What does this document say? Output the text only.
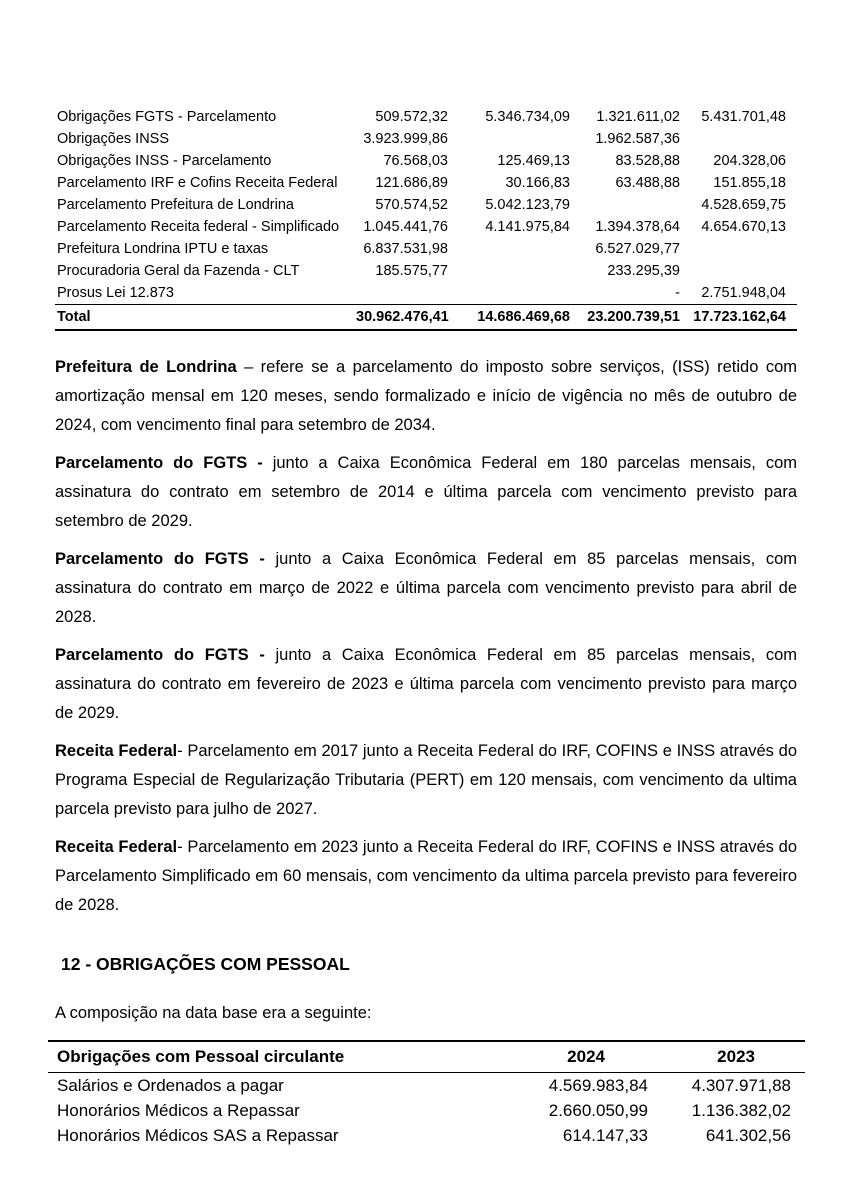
Obrigações FGTS - Parcelamento	509.572,32	5.346.734,09	1.321.611,02	5.431.701,48
Obrigações INSS	3.923.999,86		1.962.587,36	
Obrigações INSS - Parcelamento	76.568,03	125.469,13	83.528,88	204.328,06
Parcelamento IRF e Cofins Receita Federal	121.686,89	30.166,83	63.488,88	151.855,18
Parcelamento Prefeitura de Londrina	570.574,52	5.042.123,79		4.528.659,75
Parcelamento Receita federal - Simplificado	1.045.441,76	4.141.975,84	1.394.378,64	4.654.670,13
Prefeitura Londrina IPTU e taxas	6.837.531,98		6.527.029,77	
Procuradoria Geral da Fazenda - CLT	185.575,77		233.295,39	
Prosus Lei 12.873			-	2.751.948,04
Total	30.962.476,41	14.686.469,68	23.200.739,51	17.723.162,64

Prefeitura de Londrina – refere se a parcelamento do imposto sobre serviços, (ISS) retido com amortização mensal em 120 meses, sendo formalizado e início de vigência no mês de outubro de 2024, com vencimento final para setembro de 2034.

Parcelamento do FGTS - junto a Caixa Econômica Federal em 180 parcelas mensais, com assinatura do contrato em setembro de 2014 e última parcela com vencimento previsto para setembro de 2029.

Parcelamento do FGTS - junto a Caixa Econômica Federal em 85 parcelas mensais, com assinatura do contrato em março de 2022 e última parcela com vencimento previsto para abril de 2028.

Parcelamento do FGTS - junto a Caixa Econômica Federal em 85 parcelas mensais, com assinatura do contrato em fevereiro de 2023 e última parcela com vencimento previsto para março de 2029.

Receita Federal- Parcelamento em 2017 junto a Receita Federal do IRF, COFINS e INSS através do Programa Especial de Regularização Tributaria (PERT) em 120 mensais, com vencimento da ultima parcela previsto para julho de 2027.

Receita Federal- Parcelamento em 2023 junto a Receita Federal do IRF, COFINS e INSS através do Parcelamento Simplificado em 60 mensais, com vencimento da ultima parcela previsto para fevereiro de 2028.

12 - OBRIGAÇÕES COM PESSOAL

A composição na data base era a seguinte:

Obrigações com Pessoal circulante	2024	2023
Salários e Ordenados a pagar	4.569.983,84	4.307.971,88
Honorários Médicos a Repassar	2.660.050,99	1.136.382,02
Honorários Médicos SAS a Repassar	614.147,33	641.302,56
